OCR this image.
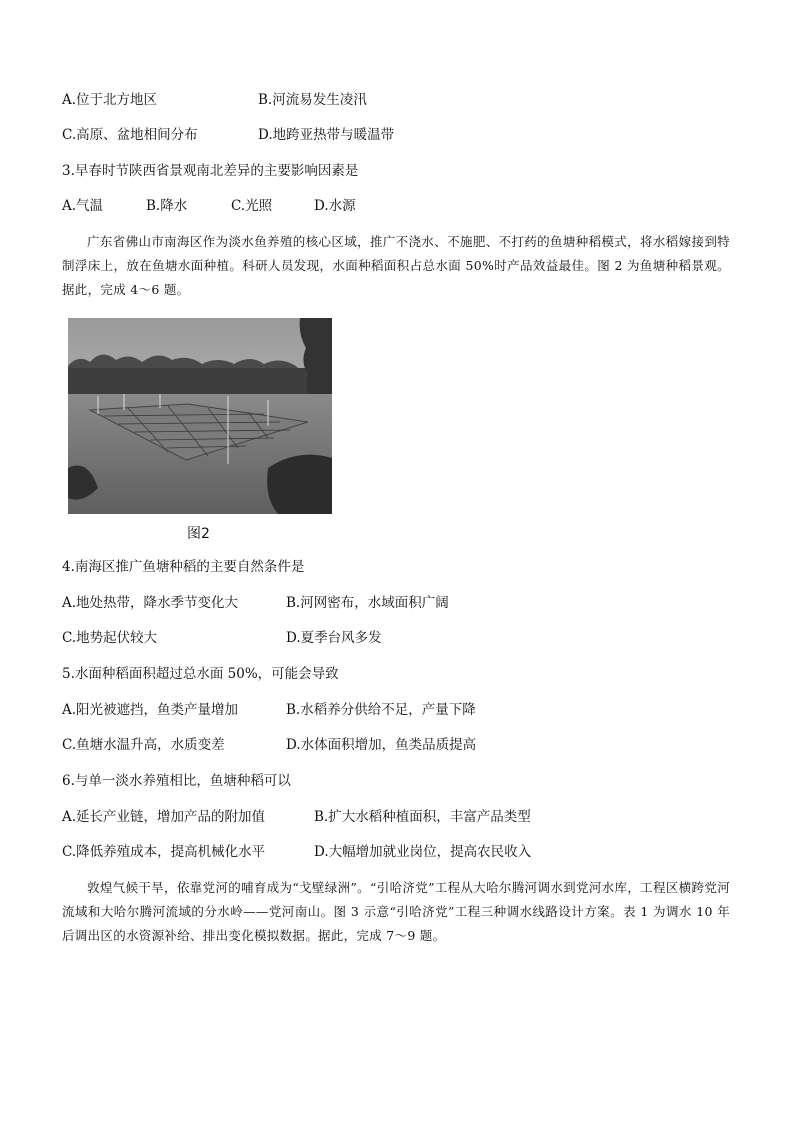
A.位于北方地区	B.河流易发生凌汛
C.高原、盆地相间分布	D.地跨亚热带与暖温带
3.早春时节陕西省景观南北差异的主要影响因素是
A.气温	B.降水	C.光照	D.水源
广东省佛山市南海区作为淡水鱼养殖的核心区域，推广不浇水、不施肥、不打药的鱼塘种稻模式，将水稻嫁接到特制浮床上，放在鱼塘水面种植。科研人员发现，水面种稻面积占总水面 50%时产品效益最佳。图 2 为鱼塘种稻景观。据此，完成 4～6 题。
图2
4.南海区推广鱼塘种稻的主要自然条件是
A.地处热带，降水季节变化大	B.河网密布，水域面积广阔
C.地势起伏较大	D.夏季台风多发
5.水面种稻面积超过总水面 50%，可能会导致
A.阳光被遮挡，鱼类产量增加	B.水稻养分供给不足，产量下降
C.鱼塘水温升高，水质变差	D.水体面积增加，鱼类品质提高
6.与单一淡水养殖相比，鱼塘种稻可以
A.延长产业链，增加产品的附加值	B.扩大水稻种植面积，丰富产品类型
C.降低养殖成本，提高机械化水平	D.大幅增加就业岗位，提高农民收入
敦煌气候干旱，依靠党河的哺育成为“戈壁绿洲”。“引哈济党”工程从大哈尔腾河调水到党河水库，工程区横跨党河流域和大哈尔腾河流域的分水岭——党河南山。图 3 示意“引哈济党”工程三种调水线路设计方案。表 1 为调水 10 年后调出区的水资源补给、排出变化模拟数据。据此，完成 7～9 题。
